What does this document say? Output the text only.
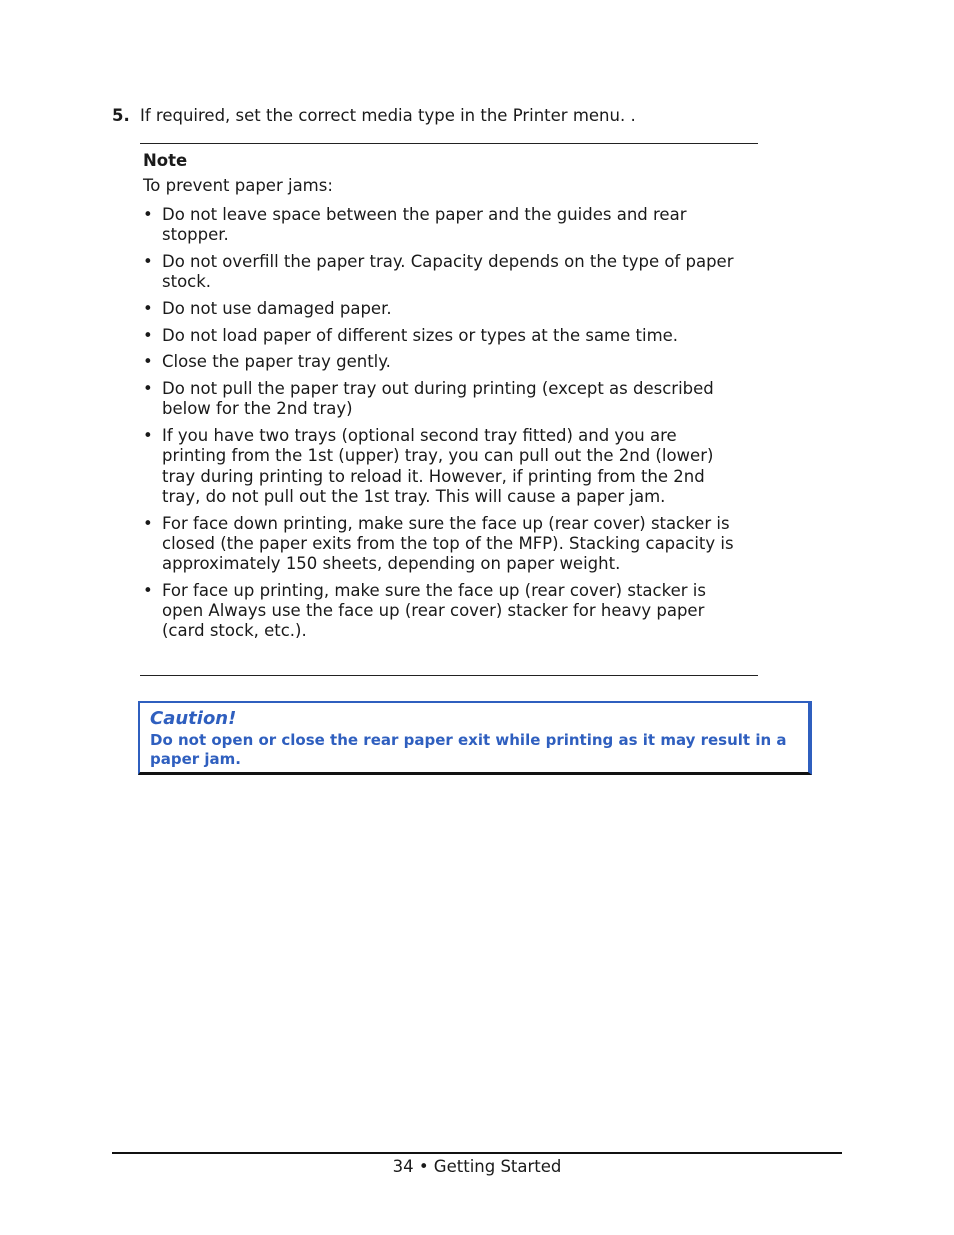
5. If required, set the correct media type in the Printer menu. .
Note
To prevent paper jams:
• Do not leave space between the paper and the guides and rear stopper.
• Do not overfill the paper tray. Capacity depends on the type of paper stock.
• Do not use damaged paper.
• Do not load paper of different sizes or types at the same time.
• Close the paper tray gently.
• Do not pull the paper tray out during printing (except as described below for the 2nd tray)
• If you have two trays (optional second tray fitted) and you are printing from the 1st (upper) tray, you can pull out the 2nd (lower) tray during printing to reload it. However, if printing from the 2nd tray, do not pull out the 1st tray. This will cause a paper jam.
• For face down printing, make sure the face up (rear cover) stacker is closed (the paper exits from the top of the MFP). Stacking capacity is approximately 150 sheets, depending on paper weight.
• For face up printing, make sure the face up (rear cover) stacker is open Always use the face up (rear cover) stacker for heavy paper (card stock, etc.).
Caution!
Do not open or close the rear paper exit while printing as it may result in a paper jam.
34 • Getting Started
